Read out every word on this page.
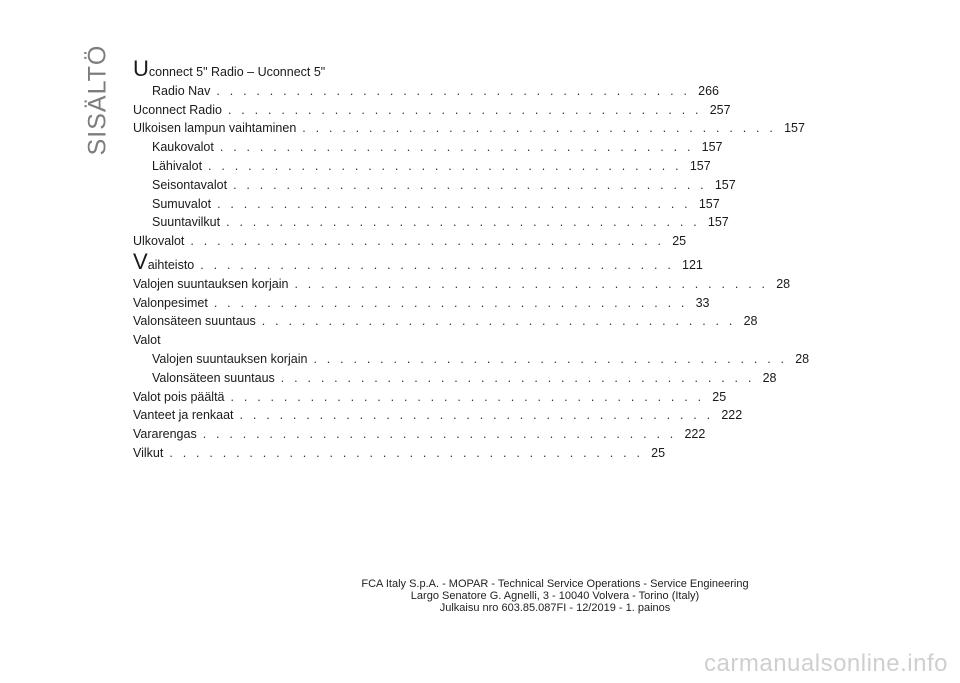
SISÄLTÖ Uconnect 5" Radio – Uconnect 5"
Radio Nav . . . . . . . . . . . . . . . . . . . . . . . . . . . . . . . . . . . . 266
Uconnect Radio . . . . . . . . . . . . . . . . . . . . . . . . . . . . . . . . . . . . 257
Ulkoisen lampun vaihtaminen . . . . . . . . . . . . . . . . . . . . . . . . . . . . . . . . . . . . 157
Kaukovalot . . . . . . . . . . . . . . . . . . . . . . . . . . . . . . . . . . . . 157
Lähivalot . . . . . . . . . . . . . . . . . . . . . . . . . . . . . . . . . . . . 157
Seisontavalot . . . . . . . . . . . . . . . . . . . . . . . . . . . . . . . . . . . . 157
Sumuvalot . . . . . . . . . . . . . . . . . . . . . . . . . . . . . . . . . . . . 157
Suuntavilkut . . . . . . . . . . . . . . . . . . . . . . . . . . . . . . . . . . . . 157
Ulkovalot . . . . . . . . . . . . . . . . . . . . . . . . . . . . . . . . . . . . 25
Vaihteisto . . . . . . . . . . . . . . . . . . . . . . . . . . . . . . . . . . . . 121
Valojen suuntauksen korjain . . . . . . . . . . . . . . . . . . . . . . . . . . . . . . . . . . . . 28
Valonpesimet . . . . . . . . . . . . . . . . . . . . . . . . . . . . . . . . . . . . 33
Valonsäteen suuntaus . . . . . . . . . . . . . . . . . . . . . . . . . . . . . . . . . . . . 28
Valot
Valojen suuntauksen korjain . . . . . . . . . . . . . . . . . . . . . . . . . . . . . . . . . . . . 28
Valonsäteen suuntaus . . . . . . . . . . . . . . . . . . . . . . . . . . . . . . . . . . . . 28
Valot pois päältä . . . . . . . . . . . . . . . . . . . . . . . . . . . . . . . . . . . . 25
Vanteet ja renkaat . . . . . . . . . . . . . . . . . . . . . . . . . . . . . . . . . . . . 222
Vararengas . . . . . . . . . . . . . . . . . . . . . . . . . . . . . . . . . . . . 222
Vilkut . . . . . . . . . . . . . . . . . . . . . . . . . . . . . . . . . . . . 25
FCA Italy S.p.A. - MOPAR - Technical Service Operations - Service Engineering
Largo Senatore G. Agnelli, 3 - 10040 Volvera - Torino (Italy)
Julkaisu nro 603.85.087FI - 12/2019 - 1. painos
carmanualsonline.info
